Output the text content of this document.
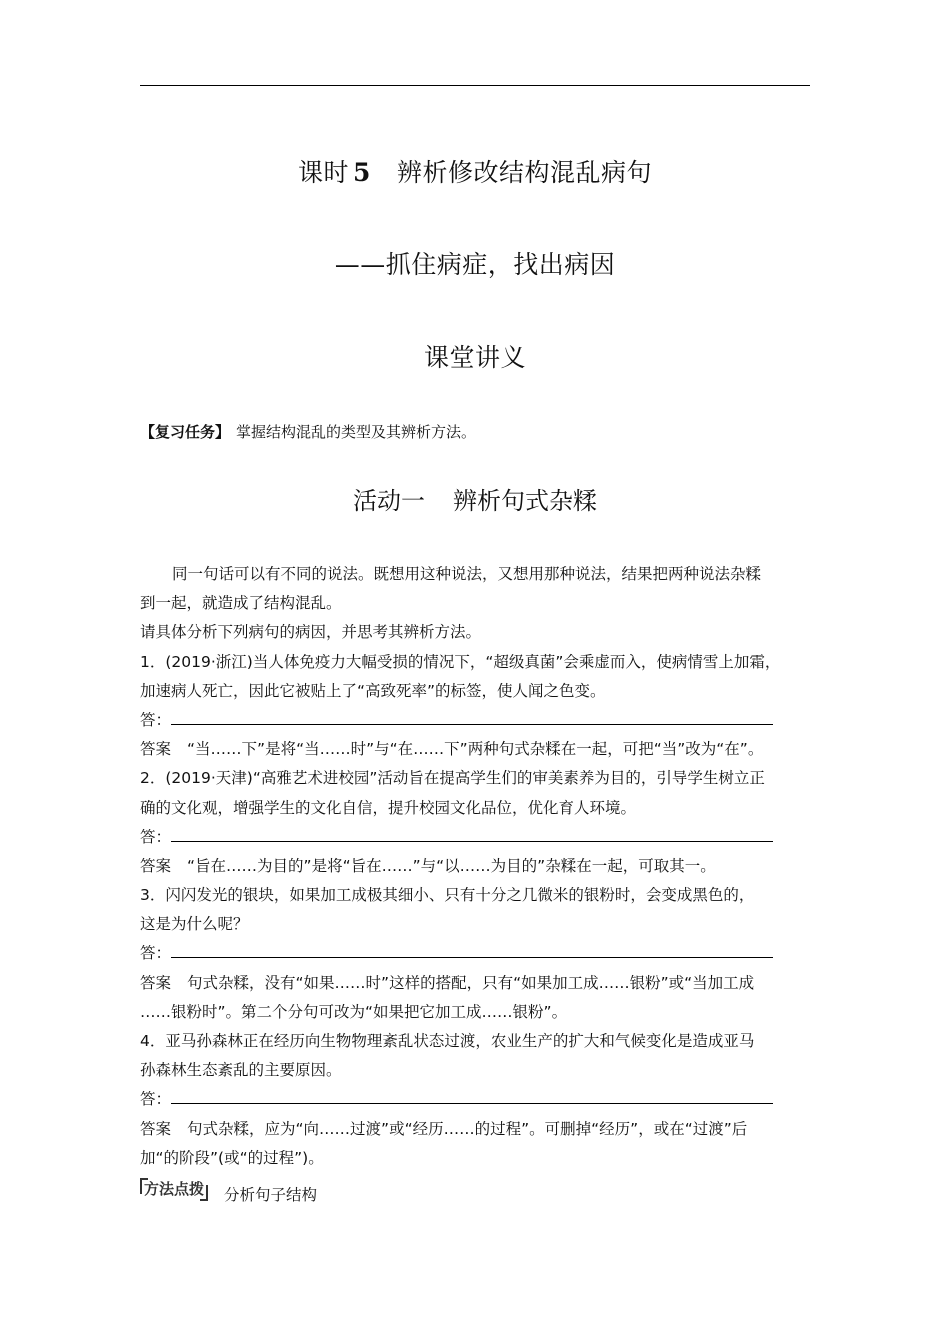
课时 5 辨析修改结构混乱病句
——抓住病症，找出病因
课堂讲义
【复习任务】 掌握结构混乱的类型及其辨析方法。
活动一 辨析句式杂糅
同一句话可以有不同的说法。既想用这种说法，又想用那种说法，结果把两种说法杂糅
到一起，就造成了结构混乱。
请具体分析下列病句的病因，并思考其辨析方法。
1．(2019·浙江)当人体免疫力大幅受损的情况下，“超级真菌”会乘虚而入，使病情雪上加霜，
加速病人死亡，因此它被贴上了“高致死率”的标签，使人闻之色变。
答：
答案 “当……下”是将“当……时”与“在……下”两种句式杂糅在一起，可把“当”改为“在”。
2．(2019·天津)“高雅艺术进校园”活动旨在提高学生们的审美素养为目的，引导学生树立正
确的文化观，增强学生的文化自信，提升校园文化品位，优化育人环境。
答：
答案 “旨在……为目的”是将“旨在……”与“以……为目的”杂糅在一起，可取其一。
3．闪闪发光的银块，如果加工成极其细小、只有十分之几微米的银粉时，会变成黑色的，
这是为什么呢？
答：
答案 句式杂糅，没有“如果……时”这样的搭配，只有“如果加工成……银粉”或“当加工成
……银粉时”。第二个分句可改为“如果把它加工成……银粉”。
4．亚马孙森林正在经历向生物物理紊乱状态过渡，农业生产的扩大和气候变化是造成亚马
孙森林生态紊乱的主要原因。
答：
答案 句式杂糅，应为“向……过渡”或“经历……的过程”。可删掉“经历”，或在“过渡”后
加“的阶段”(或“的过程”)。
方法点拨 分析句子结构
